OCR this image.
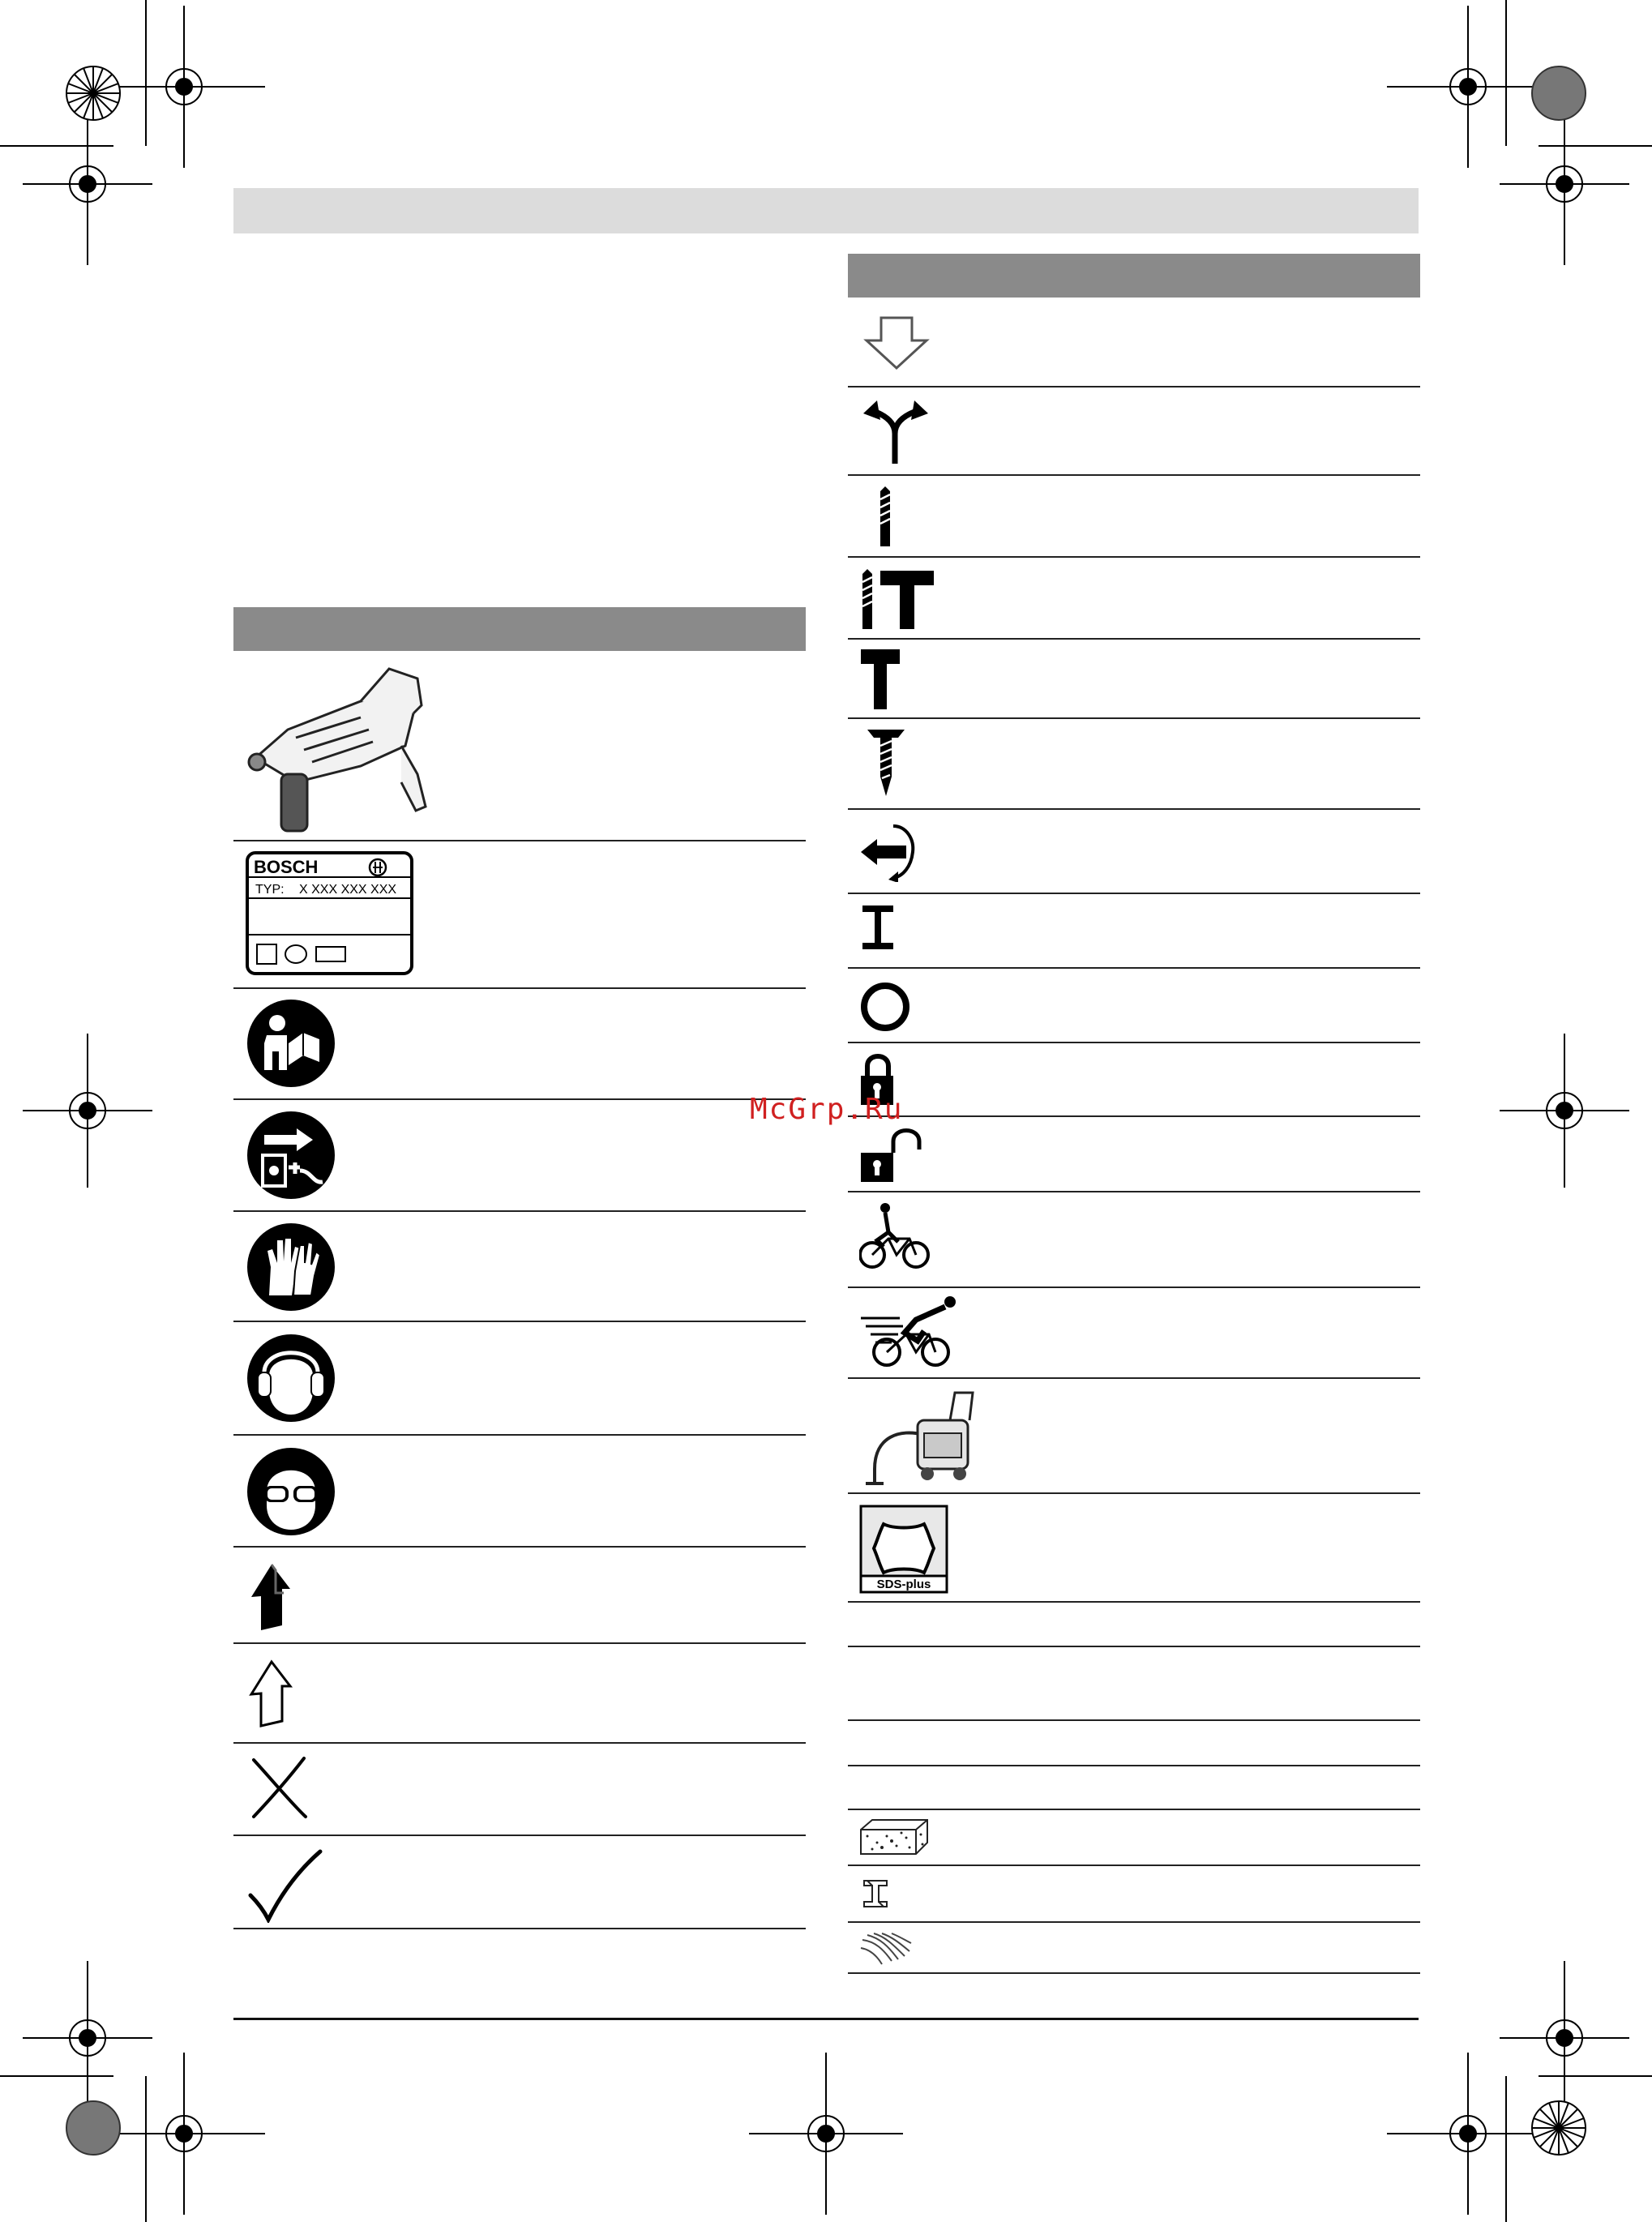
BOSCH
TYP: X XXX XXX XXX
SDS-plus
McGrp.Ru
